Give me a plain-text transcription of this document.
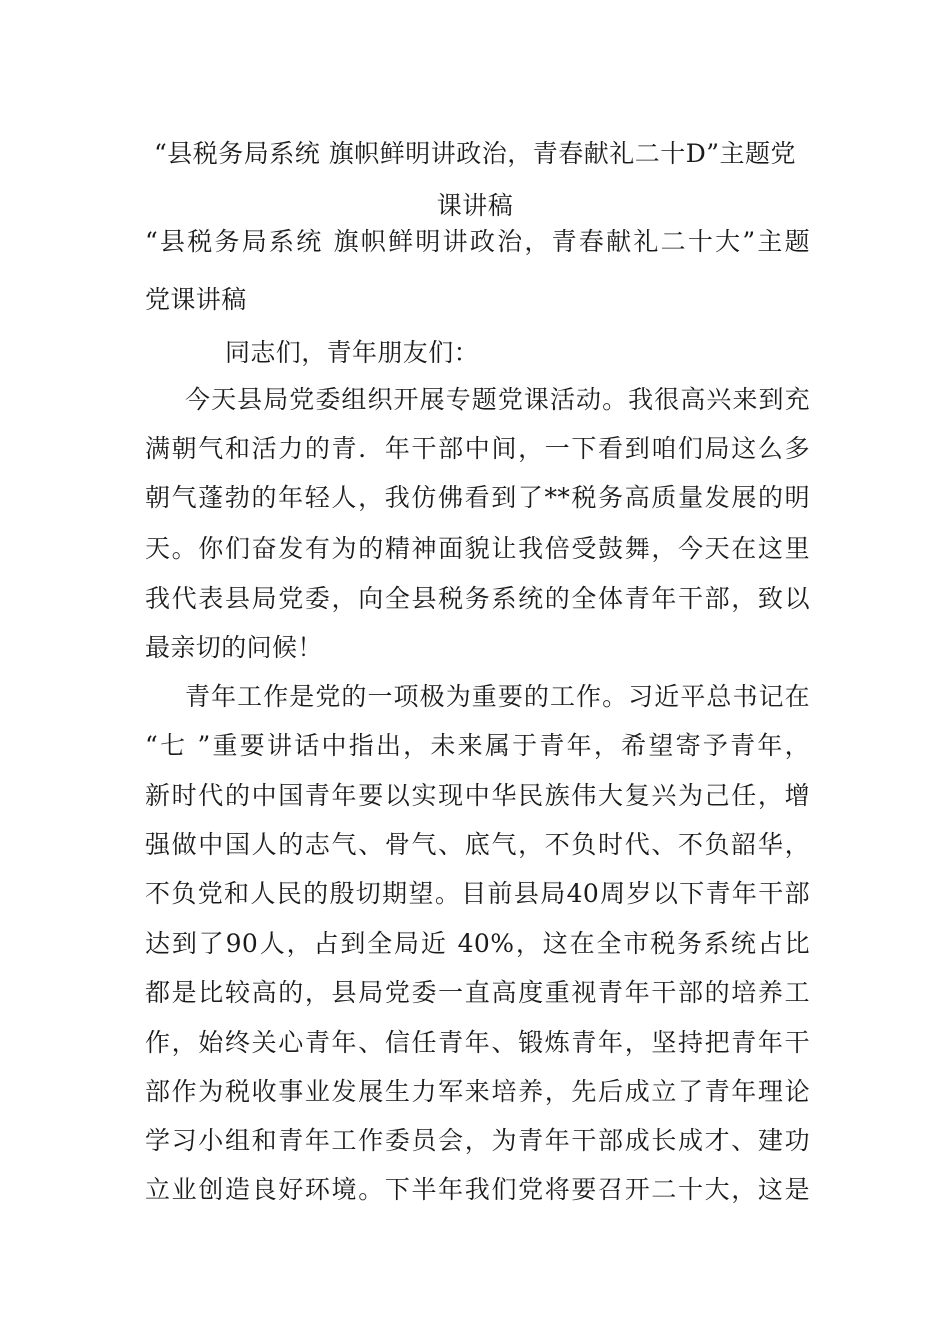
“县税务局系统 旗帜鲜明讲政治，青春献礼二十D”主题党课讲稿

“县税务局系统 旗帜鲜明讲政治，青春献礼二十大”主题

党课讲稿

同志们，青年朋友们：

今天县局党委组织开展专题党课活动。我很高兴来到充

满朝气和活力的青．年干部中间，一下看到咱们局这么多

朝气蓬勃的年轻人，我仿佛看到了**税务高质量发展的明

天。你们奋发有为的精神面貌让我倍受鼓舞，今天在这里

我代表县局党委，向全县税务系统的全体青年干部，致以

最亲切的问候！

青年工作是党的一项极为重要的工作。习近平总书记在

“七 ”重要讲话中指出，未来属于青年，希望寄予青年，

新时代的中国青年要以实现中华民族伟大复兴为己任，增

强做中国人的志气、骨气、底气，不负时代、不负韶华，

不负党和人民的殷切期望。目前县局40周岁以下青年干部

达到了90人，占到全局近 40%，这在全市税务系统占比

都是比较高的，县局党委一直高度重视青年干部的培养工

作，始终关心青年、信任青年、锻炼青年，坚持把青年干

部作为税收事业发展生力军来培养，先后成立了青年理论

学习小组和青年工作委员会，为青年干部成长成才、建功

立业创造良好环境。下半年我们党将要召开二十大，这是
